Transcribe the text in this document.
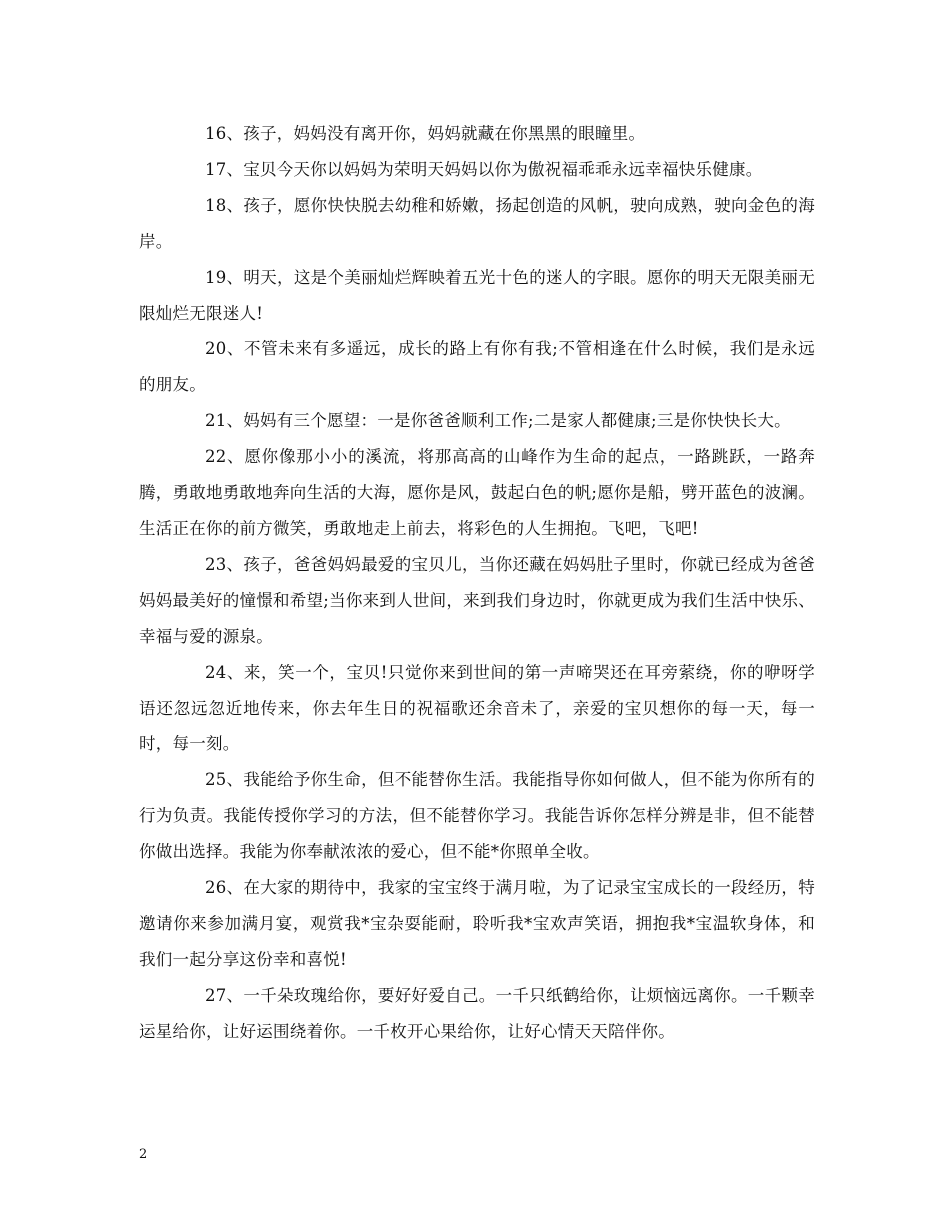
16、孩子，妈妈没有离开你，妈妈就藏在你黑黑的眼瞳里。

17、宝贝今天你以妈妈为荣明天妈妈以你为傲祝福乖乖永远幸福快乐健康。

18、孩子，愿你快快脱去幼稚和娇嫩，扬起创造的风帆，驶向成熟，驶向金色的海岸。

19、明天，这是个美丽灿烂辉映着五光十色的迷人的字眼。愿你的明天无限美丽无限灿烂无限迷人!

20、不管未来有多遥远，成长的路上有你有我;不管相逢在什么时候，我们是永远的朋友。

21、妈妈有三个愿望：一是你爸爸顺利工作;二是家人都健康;三是你快快长大。

22、愿你像那小小的溪流，将那高高的山峰作为生命的起点，一路跳跃，一路奔腾，勇敢地勇敢地奔向生活的大海，愿你是风，鼓起白色的帆;愿你是船，劈开蓝色的波澜。生活正在你的前方微笑，勇敢地走上前去，将彩色的人生拥抱。飞吧，飞吧!

23、孩子，爸爸妈妈最爱的宝贝儿，当你还藏在妈妈肚子里时，你就已经成为爸爸妈妈最美好的憧憬和希望;当你来到人世间，来到我们身边时，你就更成为我们生活中快乐、幸福与爱的源泉。

24、来，笑一个，宝贝!只觉你来到世间的第一声啼哭还在耳旁萦绕，你的咿呀学语还忽远忽近地传来，你去年生日的祝福歌还余音未了，亲爱的宝贝想你的每一天，每一时，每一刻。

25、我能给予你生命，但不能替你生活。我能指导你如何做人，但不能为你所有的行为负责。我能传授你学习的方法，但不能替你学习。我能告诉你怎样分辨是非，但不能替你做出选择。我能为你奉献浓浓的爱心，但不能*你照单全收。

26、在大家的期待中，我家的宝宝终于满月啦，为了记录宝宝成长的一段经历，特邀请你来参加满月宴，观赏我*宝杂耍能耐，聆听我*宝欢声笑语，拥抱我*宝温软身体，和我们一起分享这份幸和喜悦!

27、一千朵玫瑰给你，要好好爱自己。一千只纸鹤给你，让烦恼远离你。一千颗幸运星给你，让好运围绕着你。一千枚开心果给你，让好心情天天陪伴你。

2
